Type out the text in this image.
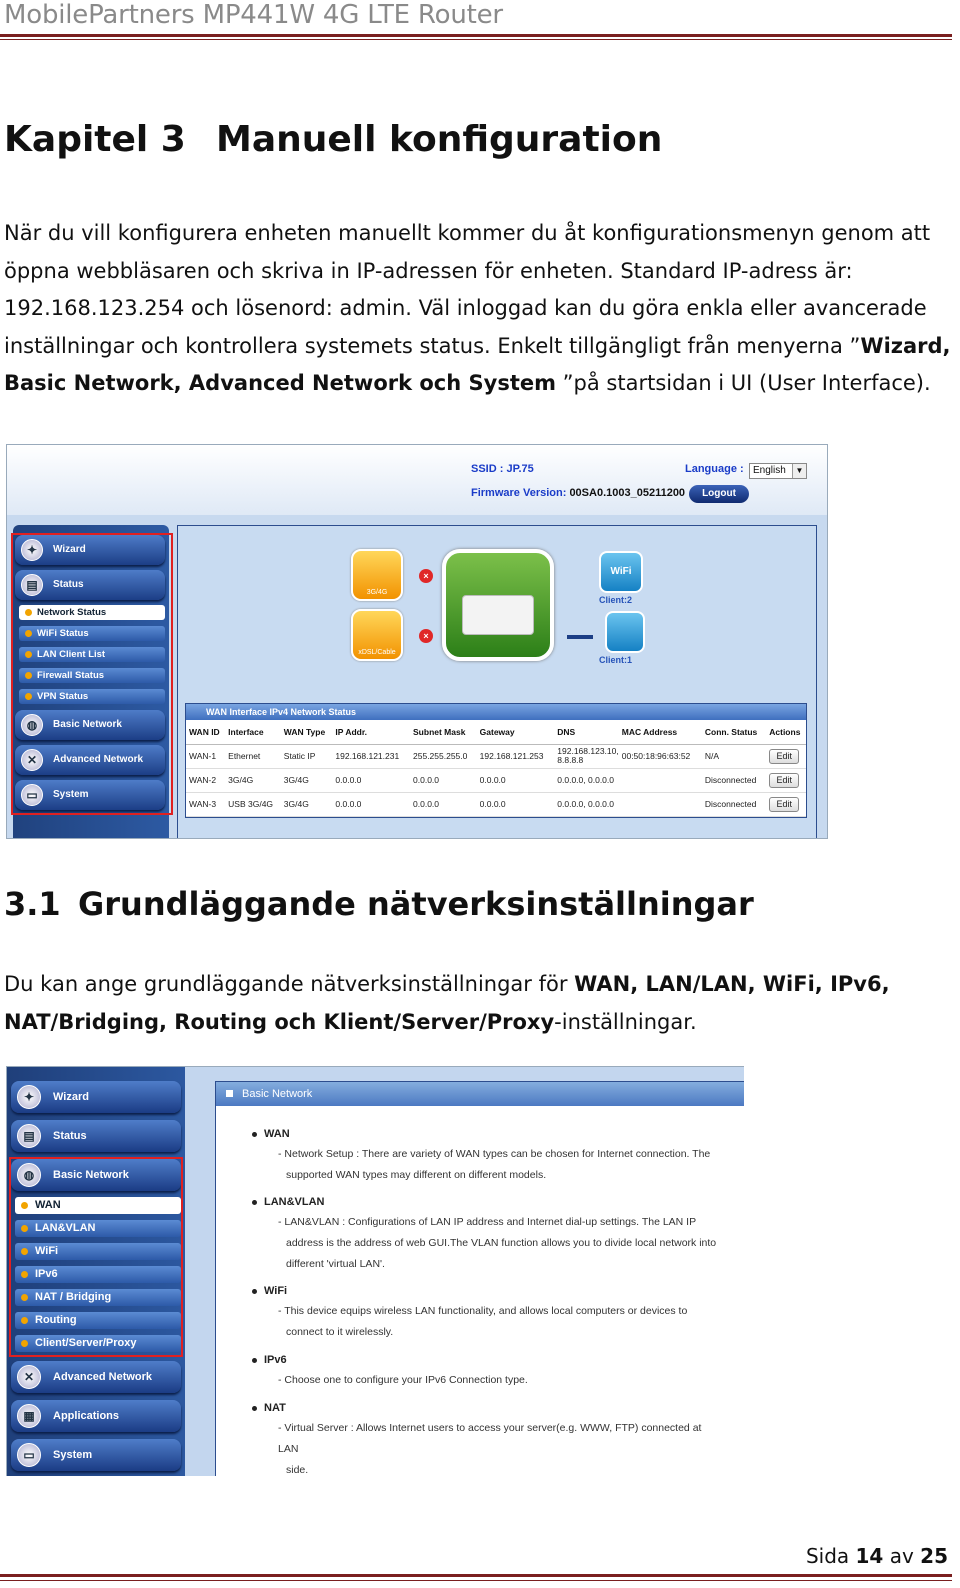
MobilePartners MP441W 4G LTE Router
Kapitel 3 Manuell konfiguration
När du vill konfigurera enheten manuellt kommer du åt konfigurationsmenyn genom att
öppna webbläsaren och skriva in IP-adressen för enheten. Standard IP-adress är:
192.168.123.254 och lösenord: admin. Väl inloggad kan du göra enkla eller avancerade
inställningar och kontrollera systemets status. Enkelt tillgängligt från menyerna ”Wizard,
Basic Network, Advanced Network och System ”på startsidan i UI (User Interface).
SSID : JP.75
Firmware Version: 00SA0.1003_05211200
Language : English	▼
Logout
✦	Wizard
▤	Status
Network Status
WiFi Status
LAN Client List
Firewall Status
VPN Status
◍	Basic Network
✕	Advanced Network
▭	System
3G/4G
xDSL/Cable
×
×
WiFi
Client:2
Client:1
WAN Interface IPv4 Network Status
WAN ID	Interface	WAN Type	IP Addr.	Subnet Mask	Gateway	DNS	MAC Address	Conn. Status	Actions
WAN-1	Ethernet	Static IP	192.168.121.231	255.255.255.0	192.168.121.253	192.168.123.10, 8.8.8.8	00:50:18:96:63:52	N/A	Edit
WAN-2	3G/4G	3G/4G	0.0.0.0	0.0.0.0	0.0.0.0	0.0.0.0, 0.0.0.0		Disconnected	Edit
WAN-3	USB 3G/4G	3G/4G	0.0.0.0	0.0.0.0	0.0.0.0	0.0.0.0, 0.0.0.0		Disconnected	Edit
3.1 Grundläggande nätverksinställningar
Du kan ange grundläggande nätverksinställningar för WAN, LAN/LAN, WiFi, IPv6,
NAT/Bridging, Routing och Klient/Server/Proxy-inställningar.
✦	Wizard
▤	Status
◍	Basic Network
WAN
LAN&VLAN
WiFi
IPv6
NAT / Bridging
Routing
Client/Server/Proxy
✕	Advanced Network
▦	Applications
▭	System
Basic Network
WAN
- Network Setup : There are variety of WAN types can be chosen for Internet connection. The
supported WAN types may different on different models.
LAN&VLAN
- LAN&VLAN : Configurations of LAN IP address and Internet dial-up settings. The LAN IP
address is the address of web GUI.The VLAN function allows you to divide local network into
different 'virtual LAN'.
WiFi
- This device equips wireless LAN functionality, and allows local computers or devices to
connect to it wirelessly.
IPv6
- Choose one to configure your IPv6 Connection type.
NAT
- Virtual Server : Allows Internet users to access your server(e.g. WWW, FTP) connected at LAN
side.
Sida 14 av 25
